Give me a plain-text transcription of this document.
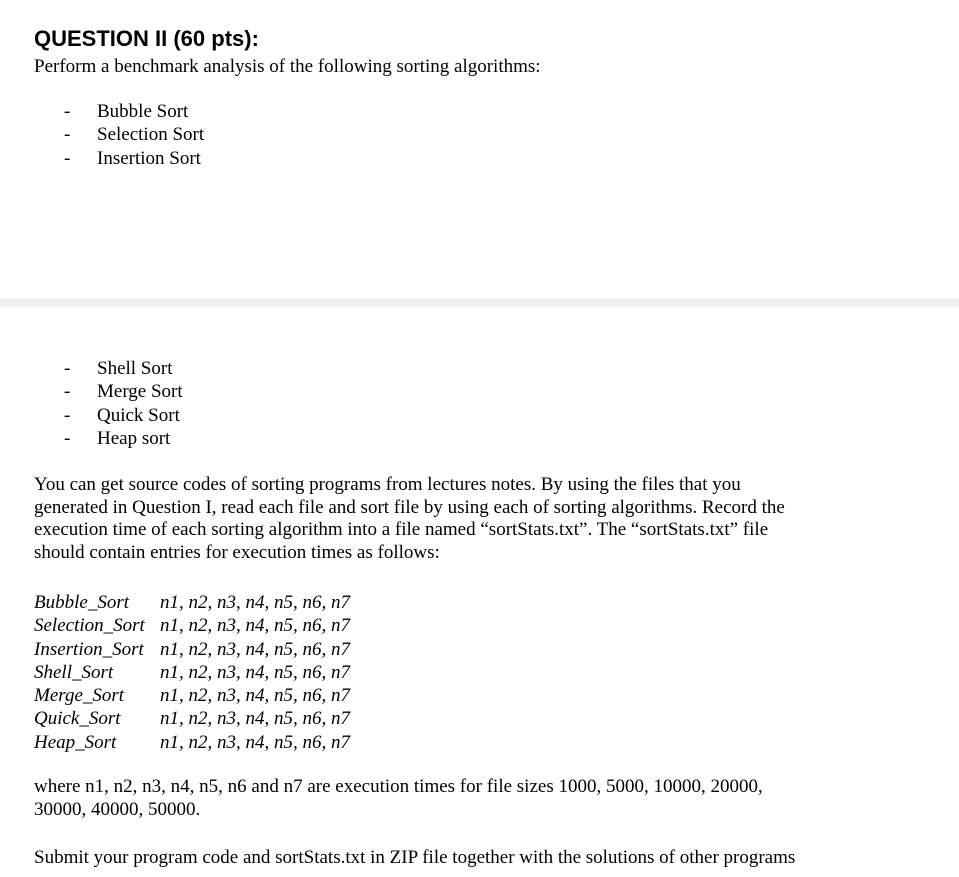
QUESTION II (60 pts):
Perform a benchmark analysis of the following sorting algorithms:
- Bubble Sort
- Selection Sort
- Insertion Sort
- Shell Sort
- Merge Sort
- Quick Sort
- Heap sort
You can get source codes of sorting programs from lectures notes. By using the files that you
generated in Question I, read each file and sort file by using each of sorting algorithms. Record the
execution time of each sorting algorithm into a file named “sortStats.txt”. The “sortStats.txt” file
should contain entries for execution times as follows:
Bubble_Sort n1, n2, n3, n4, n5, n6, n7
Selection_Sort n1, n2, n3, n4, n5, n6, n7
Insertion_Sort n1, n2, n3, n4, n5, n6, n7
Shell_Sort n1, n2, n3, n4, n5, n6, n7
Merge_Sort n1, n2, n3, n4, n5, n6, n7
Quick_Sort n1, n2, n3, n4, n5, n6, n7
Heap_Sort n1, n2, n3, n4, n5, n6, n7
where n1, n2, n3, n4, n5, n6 and n7 are execution times for file sizes 1000, 5000, 10000, 20000,
30000, 40000, 50000.
Submit your program code and sortStats.txt in ZIP file together with the solutions of other programs
